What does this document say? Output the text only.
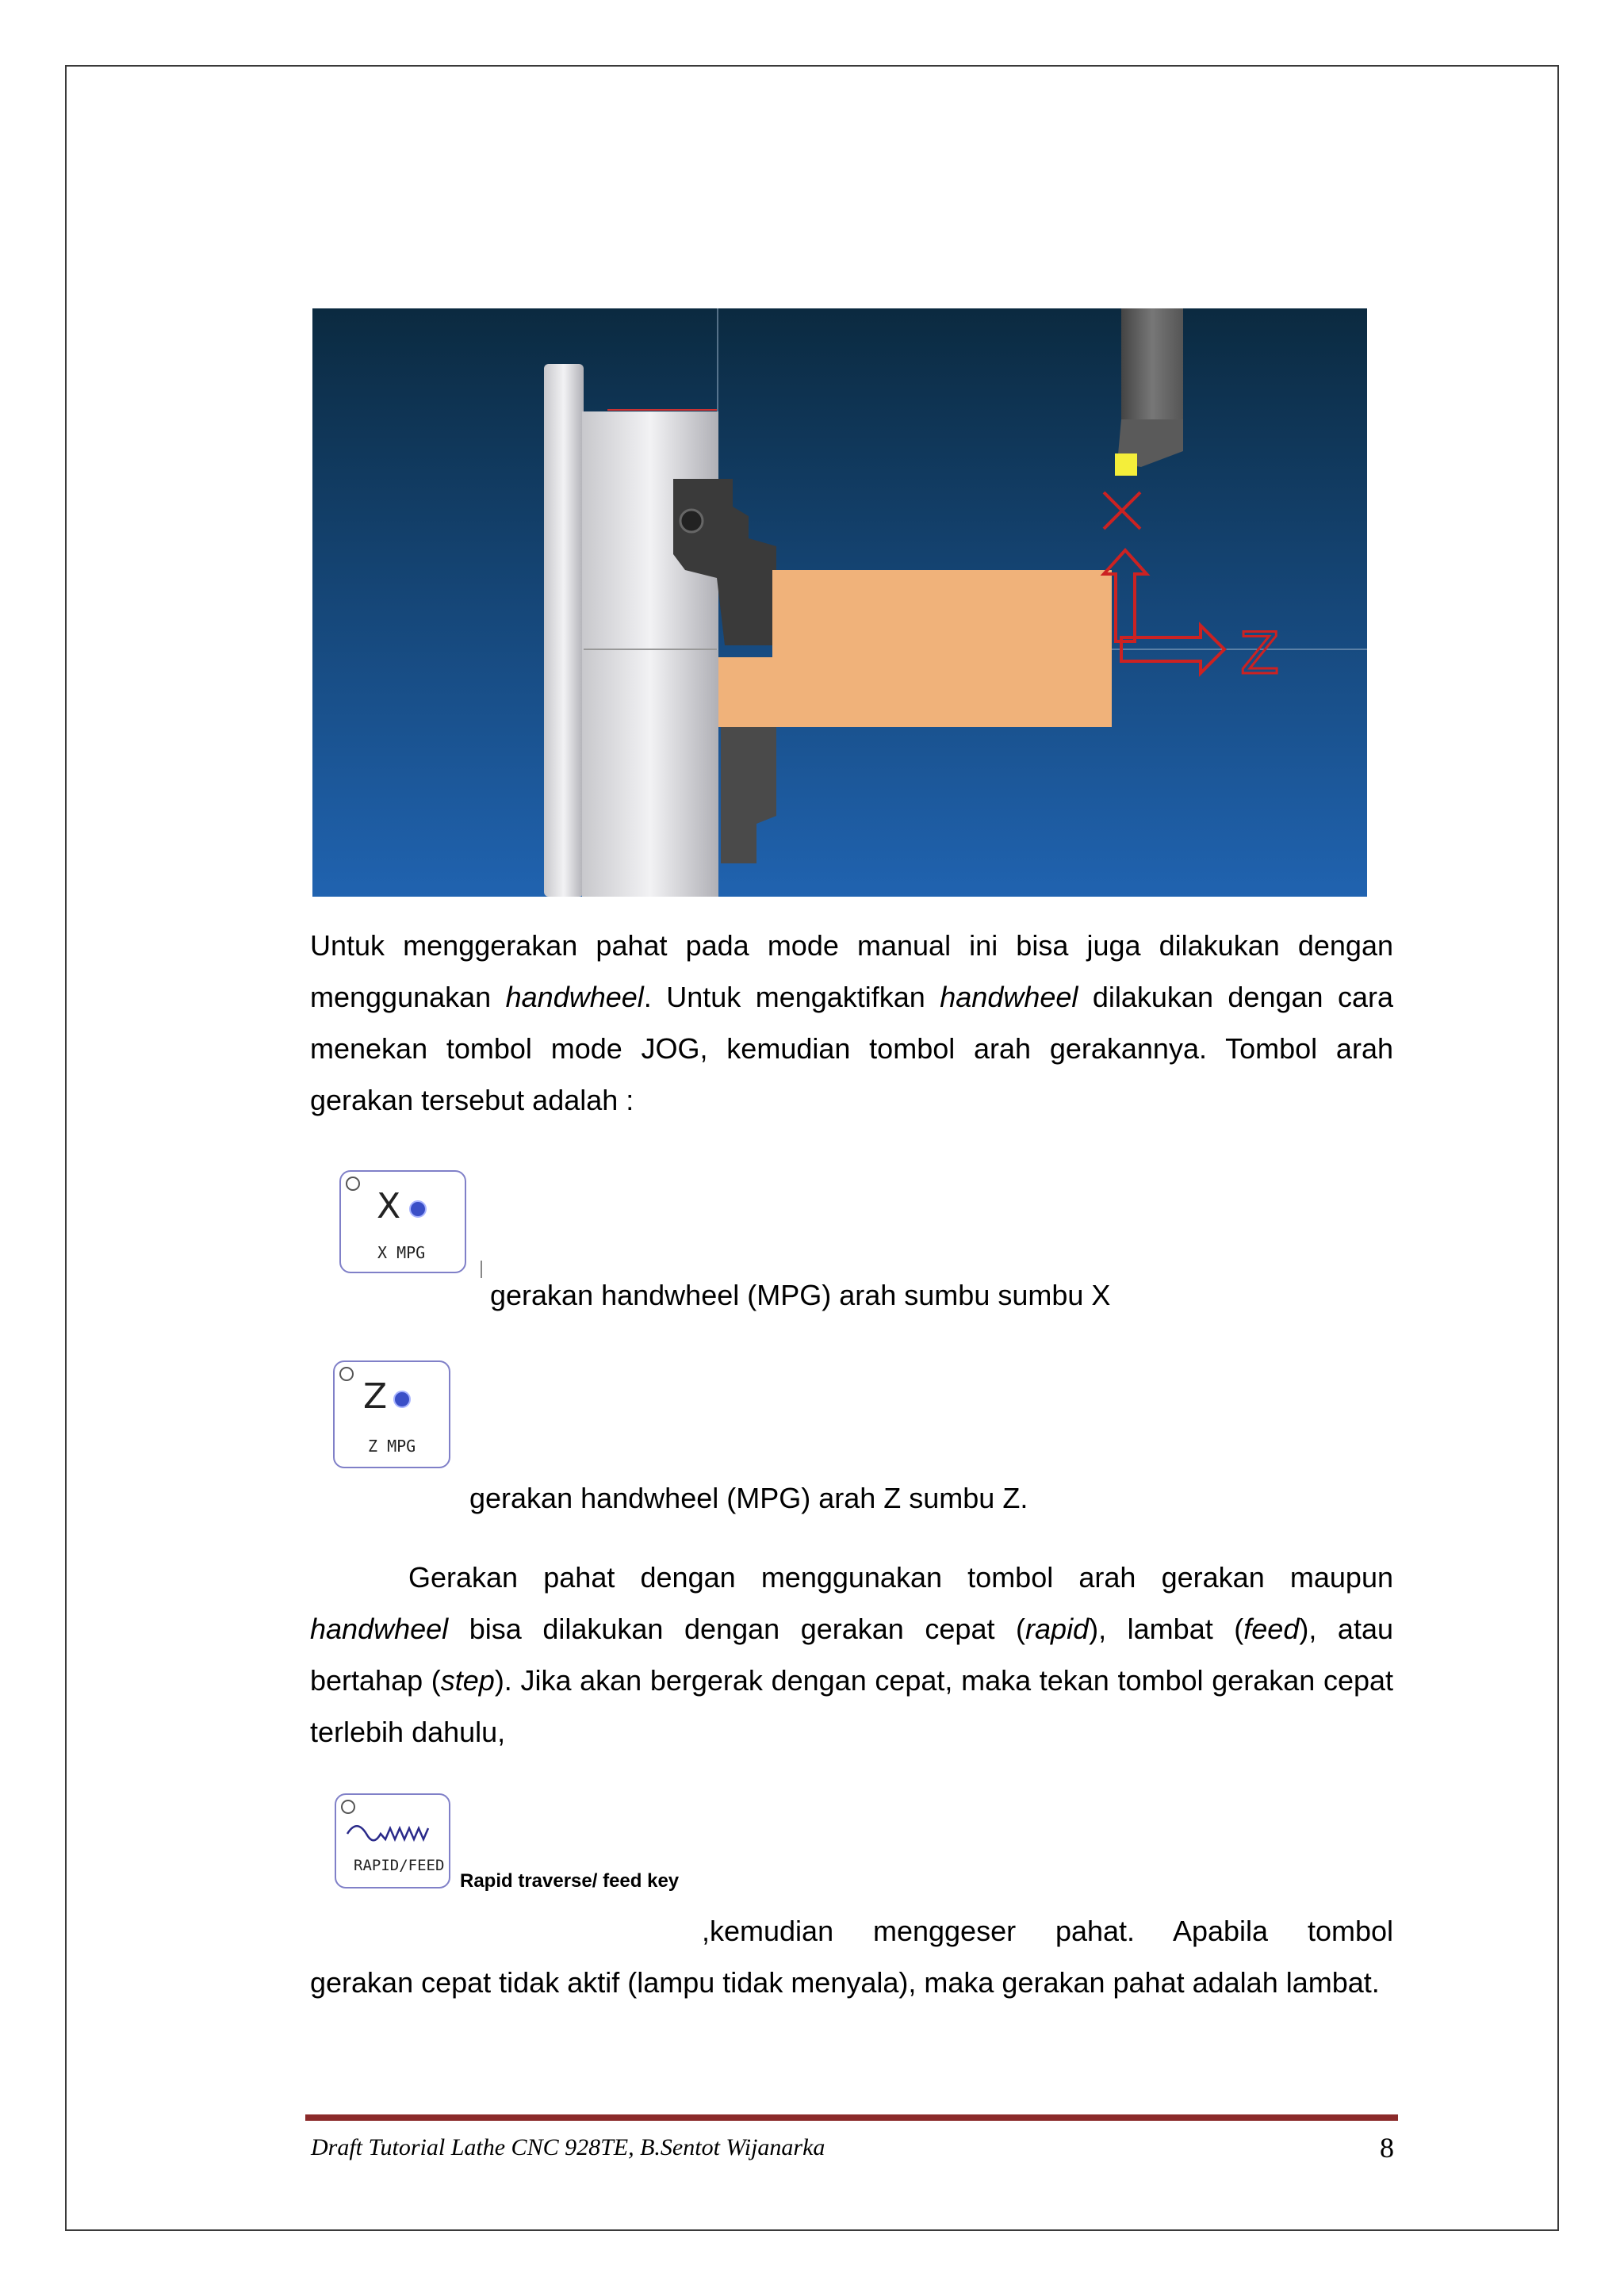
Z

Untuk menggerakan pahat pada mode manual ini bisa juga dilakukan dengan menggunakan handwheel. Untuk mengaktifkan handwheel dilakukan dengan cara menekan tombol mode JOG, kemudian tombol arah gerakannya. Tombol arah gerakan tersebut adalah :

X
X MPG
gerakan handwheel (MPG) arah sumbu sumbu X
Z
Z MPG
gerakan handwheel (MPG) arah Z sumbu Z.

Gerakan pahat dengan menggunakan tombol arah gerakan maupun handwheel bisa dilakukan dengan gerakan cepat (rapid), lambat (feed), atau bertahap (step). Jika akan bergerak dengan cepat, maka tekan tombol gerakan cepat terlebih dahulu,

RAPID/FEED
Rapid traverse/ feed key

,kemudian menggeser pahat. Apabila tombol

gerakan cepat tidak aktif (lampu tidak menyala), maka gerakan pahat adalah lambat.

Draft Tutorial Lathe CNC 928TE, B.Sentot Wijanarka	8
